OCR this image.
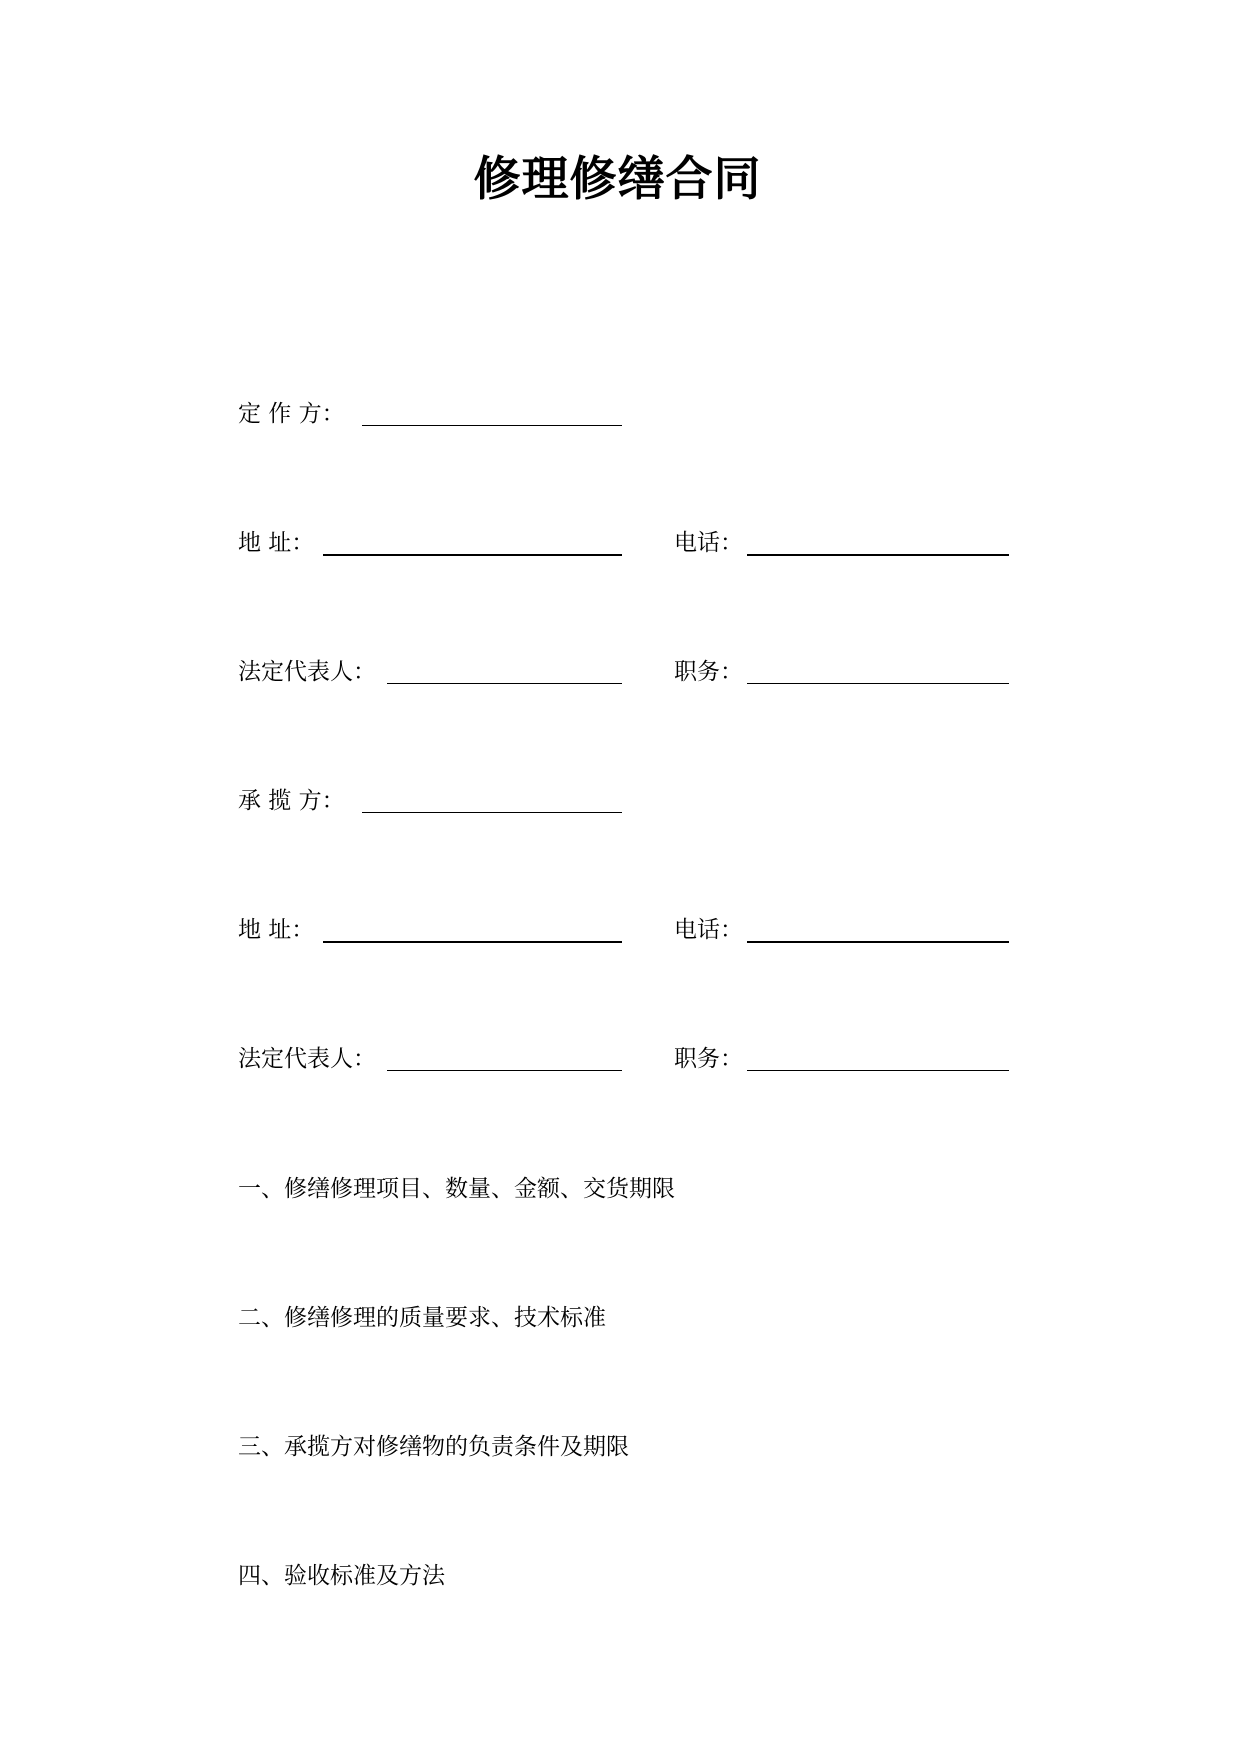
修理修缮合同
定 作 方：
地 址：	电话：
法定代表人：	职务：
承 揽 方：
地 址：	电话：
法定代表人：	职务：
一、修缮修理项目、数量、金额、交货期限
二、修缮修理的质量要求、技术标准
三、承揽方对修缮物的负责条件及期限
四、验收标准及方法
